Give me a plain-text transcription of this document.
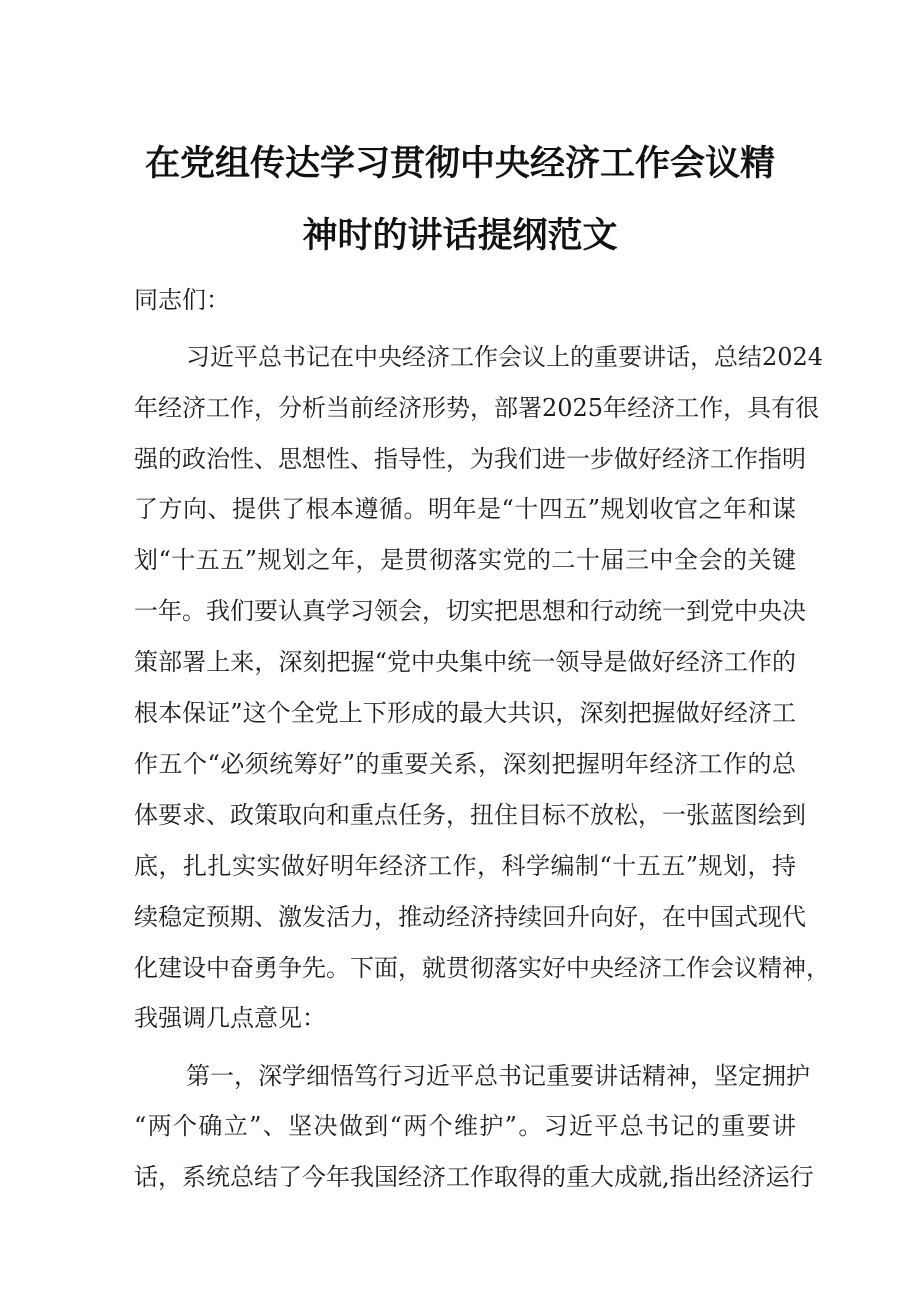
在党组传达学习贯彻中央经济工作会议精
神时的讲话提纲范文
同志们：
习近平总书记在中央经济工作会议上的重要讲话，总结2024
年经济工作，分析当前经济形势，部署2025年经济工作，具有很
强的政治性、思想性、指导性，为我们进一步做好经济工作指明
了方向、提供了根本遵循。明年是“十四五”规划收官之年和谋
划“十五五”规划之年，是贯彻落实党的二十届三中全会的关键
一年。我们要认真学习领会，切实把思想和行动统一到党中央决
策部署上来，深刻把握“党中央集中统一领导是做好经济工作的
根本保证”这个全党上下形成的最大共识，深刻把握做好经济工
作五个“必须统筹好”的重要关系，深刻把握明年经济工作的总
体要求、政策取向和重点任务，扭住目标不放松，一张蓝图绘到
底，扎扎实实做好明年经济工作，科学编制“十五五”规划，持
续稳定预期、激发活力，推动经济持续回升向好，在中国式现代
化建设中奋勇争先。下面，就贯彻落实好中央经济工作会议精神，
我强调几点意见：
第一，深学细悟笃行习近平总书记重要讲话精神，坚定拥护
“两个确立”、坚决做到“两个维护”。习近平总书记的重要讲
话，系统总结了今年我国经济工作取得的重大成就,指出经济运行
